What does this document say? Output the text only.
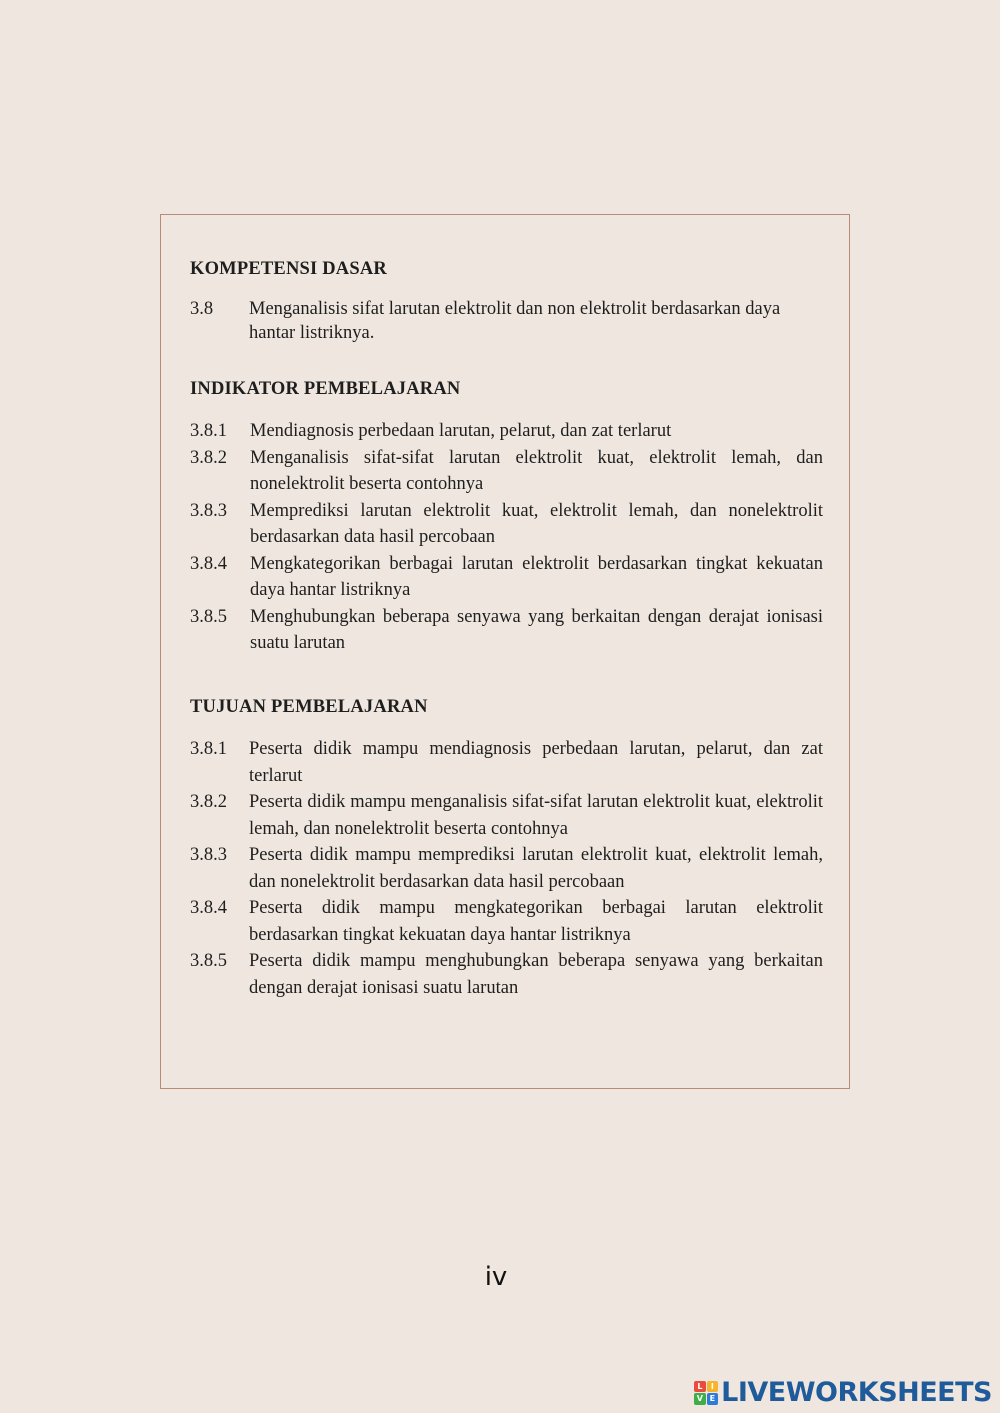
KOMPETENSI DASAR
3.8	Menganalisis sifat larutan elektrolit dan non elektrolit berdasarkan daya hantar listriknya.
INDIKATOR PEMBELAJARAN
3.8.1	Mendiagnosis perbedaan larutan, pelarut, dan zat terlarut
3.8.2	Menganalisis sifat-sifat larutan elektrolit kuat, elektrolit lemah, dan nonelektrolit beserta contohnya
3.8.3	Memprediksi larutan elektrolit kuat, elektrolit lemah, dan nonelektrolit berdasarkan data hasil percobaan
3.8.4	Mengkategorikan berbagai larutan elektrolit berdasarkan tingkat kekuatan daya hantar listriknya
3.8.5	Menghubungkan beberapa senyawa yang berkaitan dengan derajat ionisasi suatu larutan
TUJUAN PEMBELAJARAN
3.8.1	Peserta didik mampu mendiagnosis perbedaan larutan, pelarut, dan zat terlarut
3.8.2	Peserta didik mampu menganalisis sifat-sifat larutan elektrolit kuat, elektrolit lemah, dan nonelektrolit beserta contohnya
3.8.3	Peserta didik mampu memprediksi larutan elektrolit kuat, elektrolit lemah, dan nonelektrolit berdasarkan data hasil percobaan
3.8.4	Peserta didik mampu mengkategorikan berbagai larutan elektrolit berdasarkan tingkat kekuatan daya hantar listriknya
3.8.5	Peserta didik mampu menghubungkan beberapa senyawa yang berkaitan dengan derajat ionisasi suatu larutan
iv
L	I
V E LIVEWORKSHEETS
